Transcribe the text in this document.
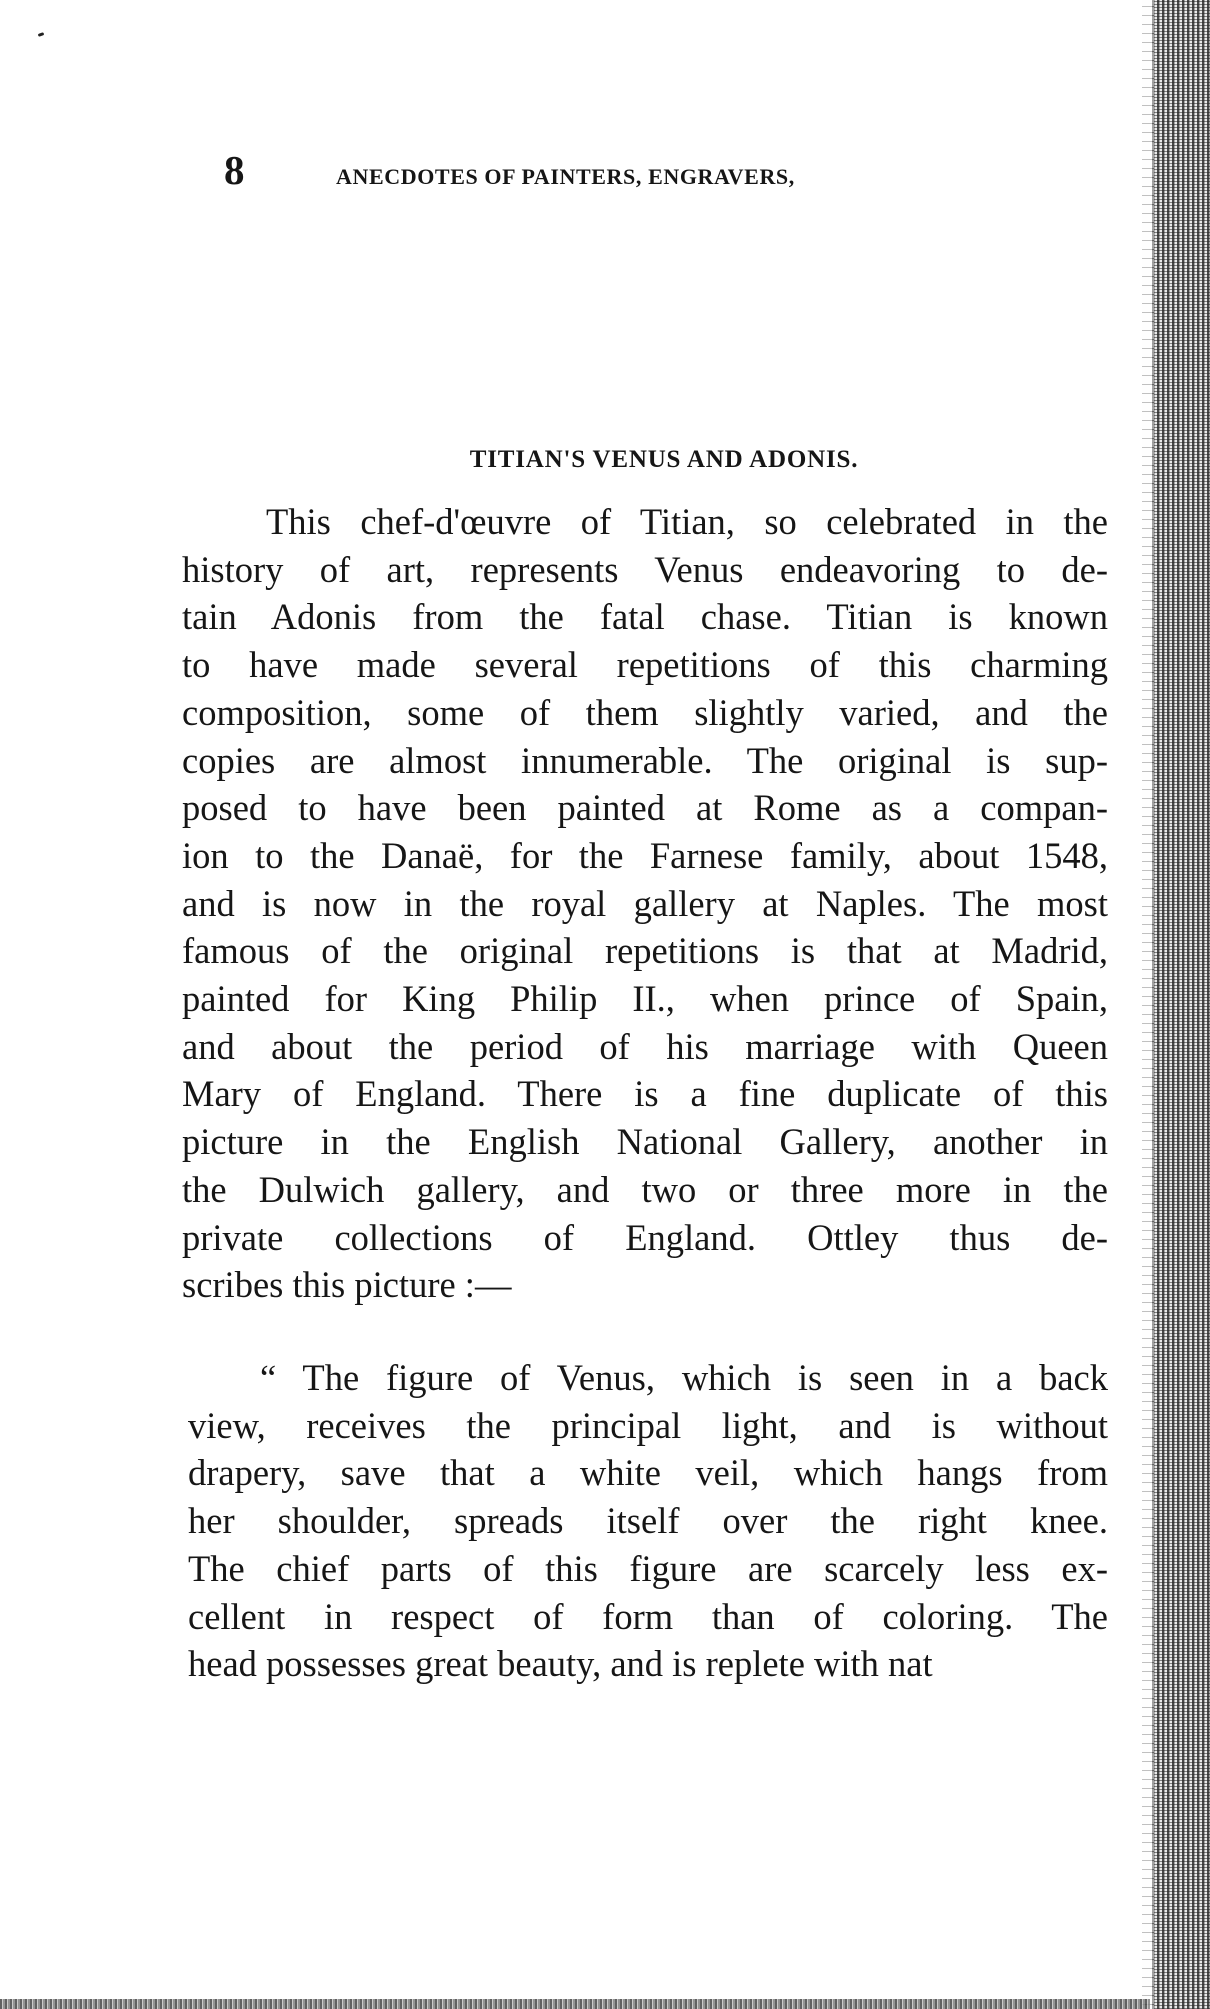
8	ANECDOTES OF PAINTERS, ENGRAVERS,
TITIAN'S VENUS AND ADONIS.
This chef-d'œuvre of Titian, so celebrated in the
history of art, represents Venus endeavoring to de-
tain Adonis from the fatal chase. Titian is known
to have made several repetitions of this charming
composition, some of them slightly varied, and the
copies are almost innumerable. The original is sup-
posed to have been painted at Rome as a compan-
ion to the Danaë, for the Farnese family, about 1548,
and is now in the royal gallery at Naples. The most
famous of the original repetitions is that at Madrid,
painted for King Philip II., when prince of Spain,
and about the period of his marriage with Queen
Mary of England. There is a fine duplicate of this
picture in the English National Gallery, another in
the Dulwich gallery, and two or three more in the
private collections of England. Ottley thus de-
scribes this picture :—
“ The figure of Venus, which is seen in a back
view, receives the principal light, and is without
drapery, save that a white veil, which hangs from
her shoulder, spreads itself over the right knee.
The chief parts of this figure are scarcely less ex-
cellent in respect of form than of coloring. The
head possesses great beauty, and is replete with nat
